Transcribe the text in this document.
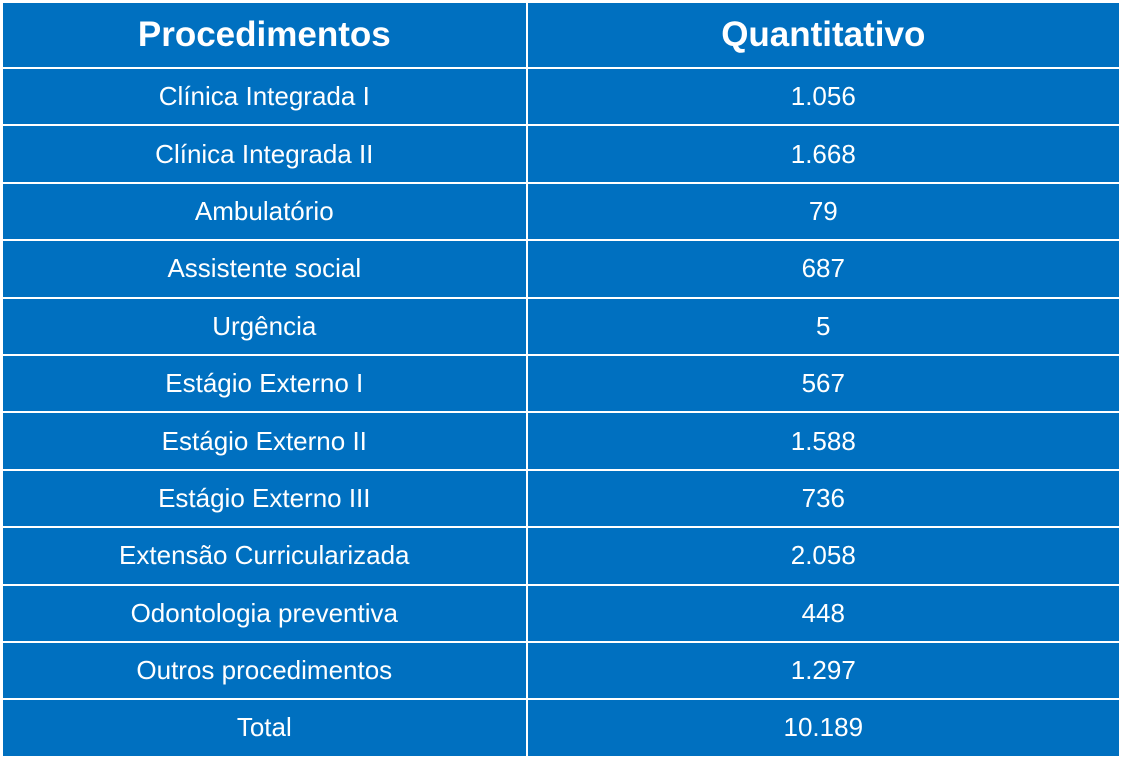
Procedimentos	Quantitativo
Clínica Integrada I	1.056
Clínica Integrada II	1.668
Ambulatório	79
Assistente social	687
Urgência	5
Estágio Externo I	567
Estágio Externo II	1.588
Estágio Externo III	736
Extensão Curricularizada	2.058
Odontologia preventiva	448
Outros procedimentos	1.297
Total	10.189
